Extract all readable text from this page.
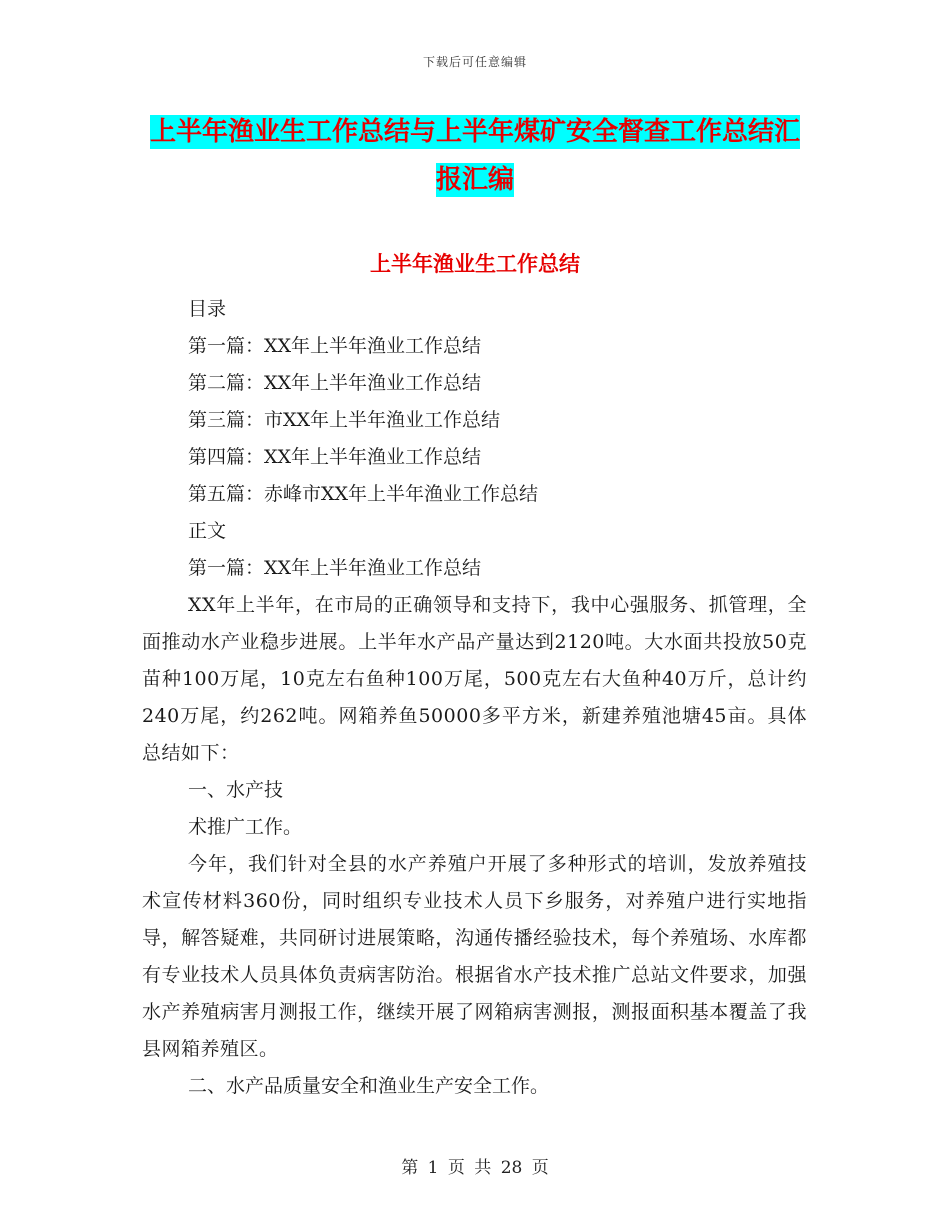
下载后可任意编辑
上半年渔业生工作总结与上半年煤矿安全督查工作总结汇报汇编
上半年渔业生工作总结
目录
第一篇：XX年上半年渔业工作总结
第二篇：XX年上半年渔业工作总结
第三篇：市XX年上半年渔业工作总结
第四篇：XX年上半年渔业工作总结
第五篇：赤峰市XX年上半年渔业工作总结
正文
第一篇：XX年上半年渔业工作总结
XX年上半年，在市局的正确领导和支持下，我中心强服务、抓管理，全面推动水产业稳步进展。上半年水产品产量达到2120吨。大水面共投放50克苗种100万尾，10克左右鱼种100万尾，500克左右大鱼种40万斤，总计约240万尾，约262吨。网箱养鱼50000多平方米，新建养殖池塘45亩。具体总结如下：
一、水产技
术推广工作。
今年，我们针对全县的水产养殖户开展了多种形式的培训，发放养殖技术宣传材料360份，同时组织专业技术人员下乡服务，对养殖户进行实地指导，解答疑难，共同研讨进展策略，沟通传播经验技术，每个养殖场、水库都有专业技术人员具体负责病害防治。根据省水产技术推广总站文件要求，加强水产养殖病害月测报工作，继续开展了网箱病害测报，测报面积基本覆盖了我县网箱养殖区。
二、水产品质量安全和渔业生产安全工作。
第 1 页 共 28 页
